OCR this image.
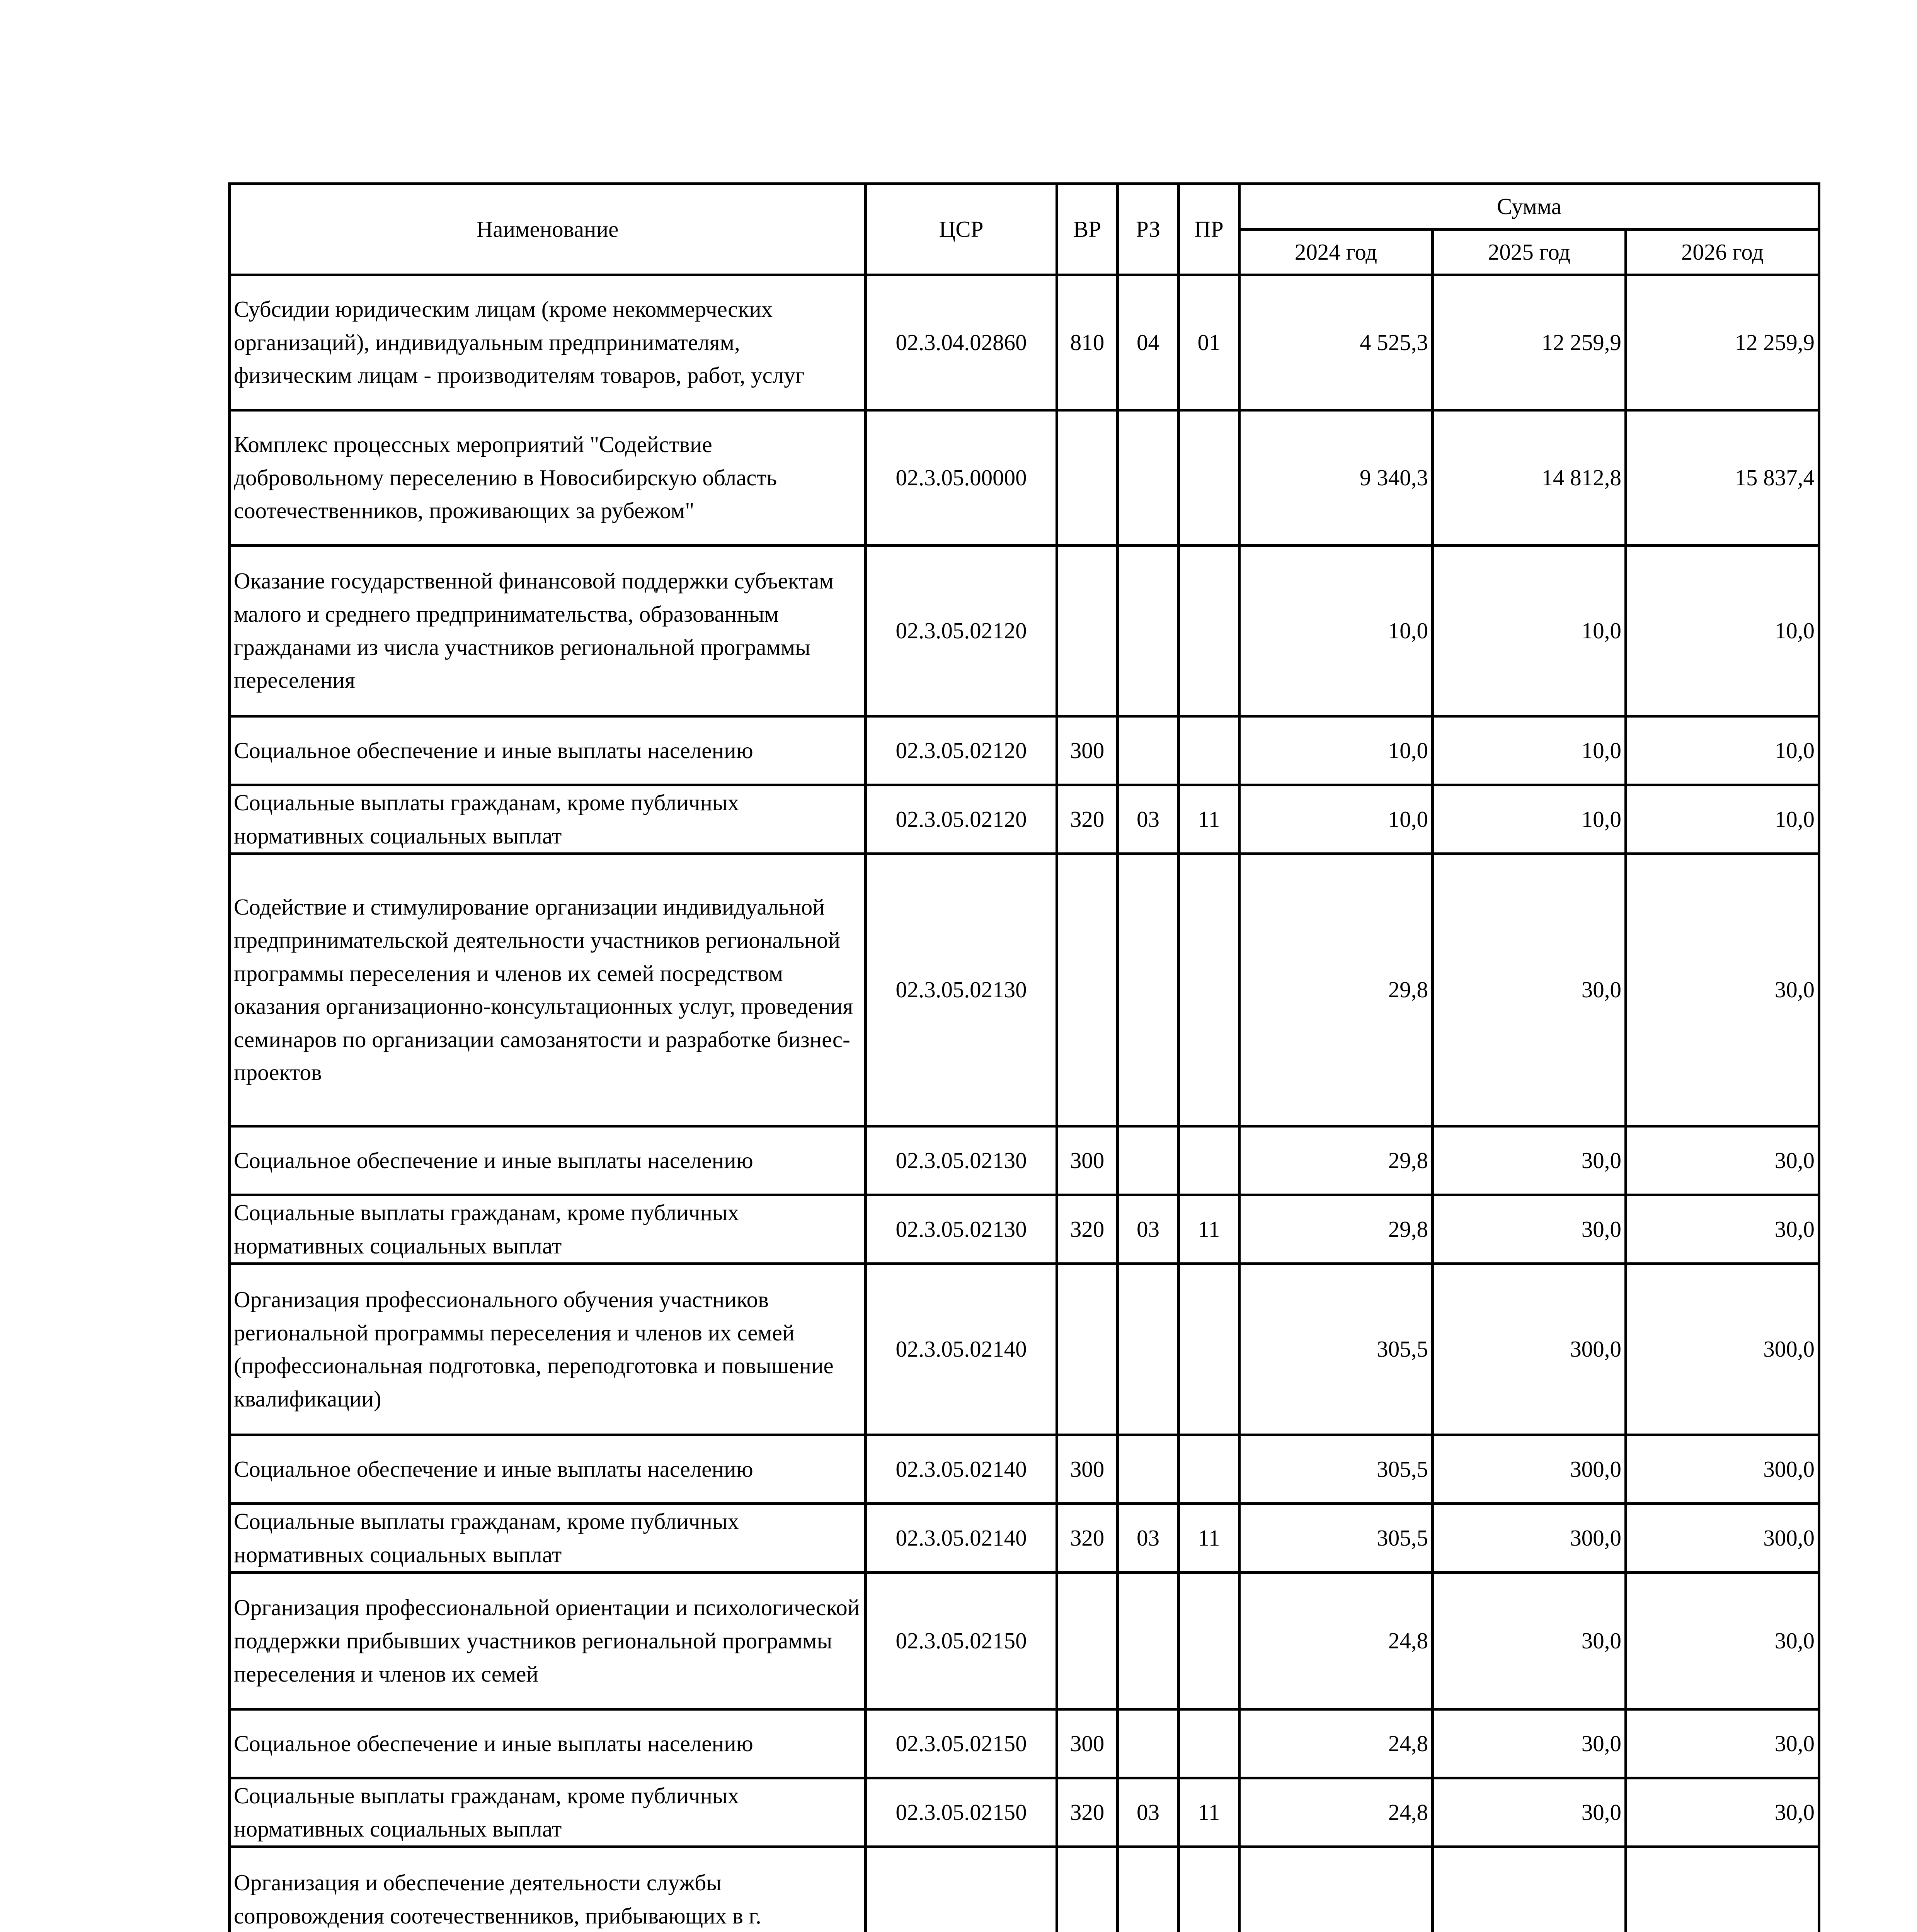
Наименование	ЦСР	ВР	РЗ	ПР	Сумма		
					2024 год	2025 год	2026 год
Субсидии юридическим лицам (кроме некоммерческих организаций), индивидуальным предпринимателям, физическим лицам - производителям товаров, работ, услуг	02.3.04.02860	810	04	01	4 525,3	12 259,9	12 259,9
Комплекс процессных мероприятий "Содействие добровольному переселению в Новосибирскую область соотечественников, проживающих за рубежом"	02.3.05.00000				9 340,3	14 812,8	15 837,4
Оказание государственной финансовой поддержки субъектам малого и среднего предпринимательства, образованным гражданами из числа участников региональной программы переселения	02.3.05.02120				10,0	10,0	10,0
Социальное обеспечение и иные выплаты населению	02.3.05.02120	300			10,0	10,0	10,0
Социальные выплаты гражданам, кроме публичных нормативных социальных выплат	02.3.05.02120	320	03	11	10,0	10,0	10,0
Содействие и стимулирование организации индивидуальной предпринимательской деятельности участников региональной программы переселения и членов их семей посредством оказания организационно-консультационных услуг, проведения семинаров по организации самозанятости и разработке бизнес-проектов	02.3.05.02130				29,8	30,0	30,0
Социальное обеспечение и иные выплаты населению	02.3.05.02130	300			29,8	30,0	30,0
Социальные выплаты гражданам, кроме публичных нормативных социальных выплат	02.3.05.02130	320	03	11	29,8	30,0	30,0
Организация профессионального обучения участников региональной программы переселения и членов их семей (профессиональная подготовка, переподготовка и повышение квалификации)	02.3.05.02140				305,5	300,0	300,0
Социальное обеспечение и иные выплаты населению	02.3.05.02140	300			305,5	300,0	300,0
Социальные выплаты гражданам, кроме публичных нормативных социальных выплат	02.3.05.02140	320	03	11	305,5	300,0	300,0
Организация профессиональной ориентации и психологической поддержки прибывших участников региональной программы переселения и членов их семей	02.3.05.02150				24,8	30,0	30,0
Социальное обеспечение и иные выплаты населению	02.3.05.02150	300			24,8	30,0	30,0
Социальные выплаты гражданам, кроме публичных нормативных социальных выплат	02.3.05.02150	320	03	11	24,8	30,0	30,0
Организация и обеспечение деятельности службы сопровождения соотечественников, прибывающих в г.							
